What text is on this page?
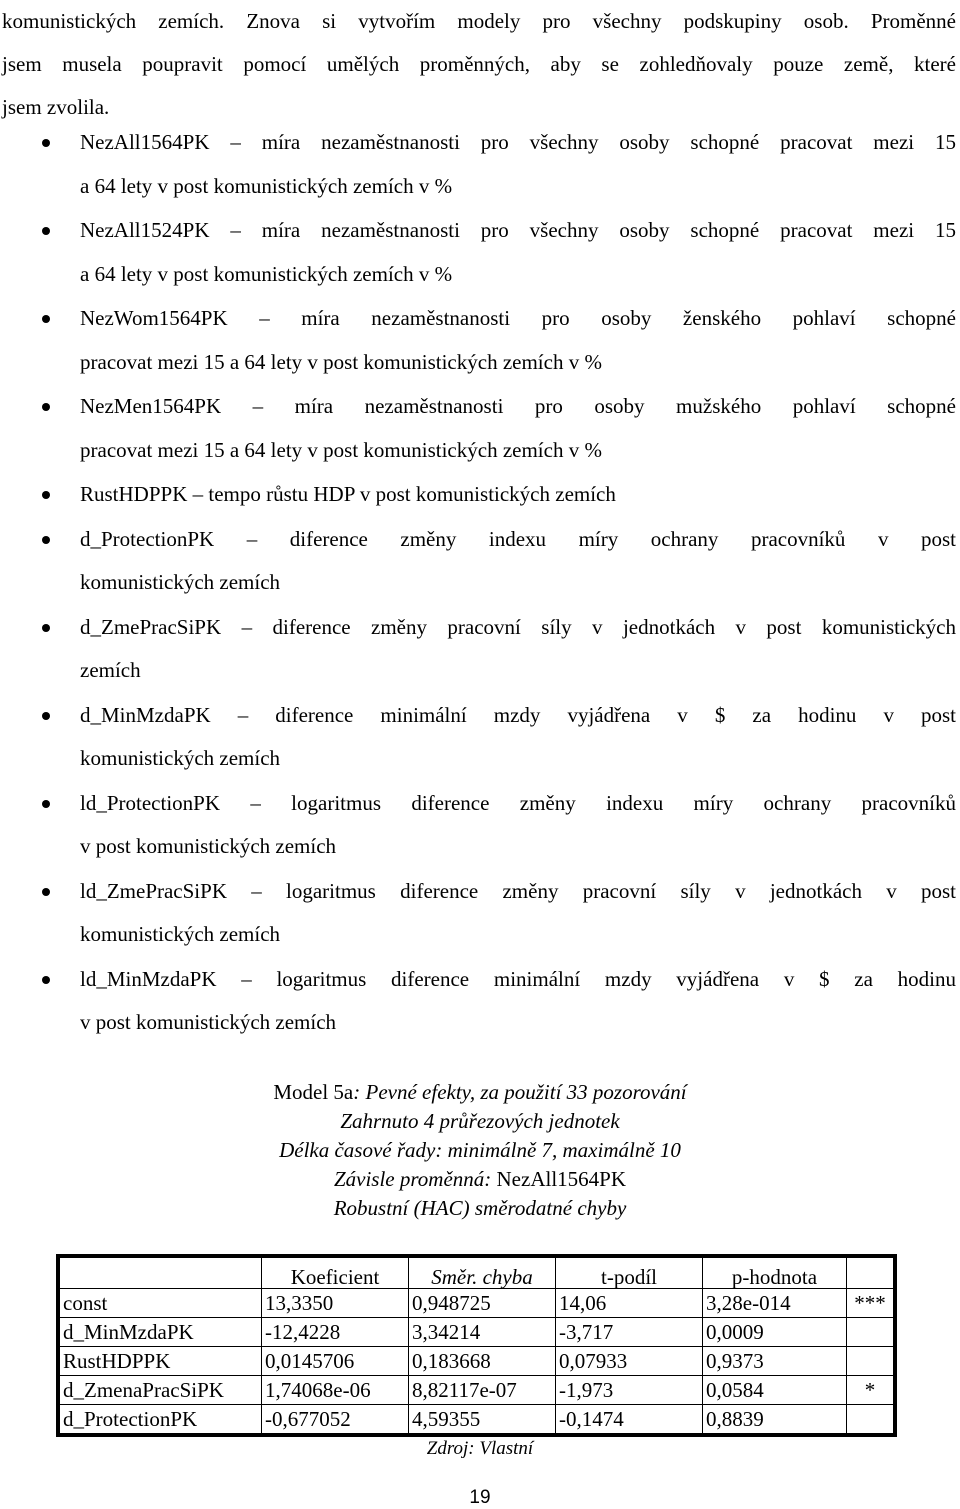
komunistických zemích. Znova si vytvořím modely pro všechny podskupiny osob. Proměnné
jsem musela poupravit pomocí umělých proměnných, aby se zohledňovaly pouze země, které
jsem zvolila.
NezAll1564PK – míra nezaměstnanosti pro všechny osoby schopné pracovat mezi 15
a 64 lety v post komunistických zemích v %
NezAll1524PK – míra nezaměstnanosti pro všechny osoby schopné pracovat mezi 15
a 64 lety v post komunistických zemích v %
NezWom1564PK – míra nezaměstnanosti pro osoby ženského pohlaví schopné
pracovat mezi 15 a 64 lety v post komunistických zemích v %
NezMen1564PK – míra nezaměstnanosti pro osoby mužského pohlaví schopné
pracovat mezi 15 a 64 lety v post komunistických zemích v %
RustHDPPK – tempo růstu HDP v post komunistických zemích
d_ProtectionPK – diference změny indexu míry ochrany pracovníků v post
komunistických zemích
d_ZmePracSiPK – diference změny pracovní síly v jednotkách v post komunistických
zemích
d_MinMzdaPK – diference minimální mzdy vyjádřena v $ za hodinu v post
komunistických zemích
ld_ProtectionPK – logaritmus diference změny indexu míry ochrany pracovníků
v post komunistických zemích
ld_ZmePracSiPK – logaritmus diference změny pracovní síly v jednotkách v post
komunistických zemích
ld_MinMzdaPK – logaritmus diference minimální mzdy vyjádřena v $ za hodinu
v post komunistických zemích
Model 5a: Pevné efekty, za použití 33 pozorování
Zahrnuto 4 průřezových jednotek
Délka časové řady: minimálně 7, maximálně 10
Závisle proměnná: NezAll1564PK
Robustní (HAC) směrodatné chyby
	Koeficient	Směr. chyba	t-podíl	p-hodnota	
const	13,3350	0,948725	14,06	3,28e-014	***
d_MinMzdaPK	-12,4228	3,34214	-3,717	0,0009	
RustHDPPK	0,0145706	0,183668	0,07933	0,9373	
d_ZmenaPracSiPK	1,74068e-06	8,82117e-07	-1,973	0,0584	*
d_ProtectionPK	-0,677052	4,59355	-0,1474	0,8839	
Zdroj: Vlastní
19
